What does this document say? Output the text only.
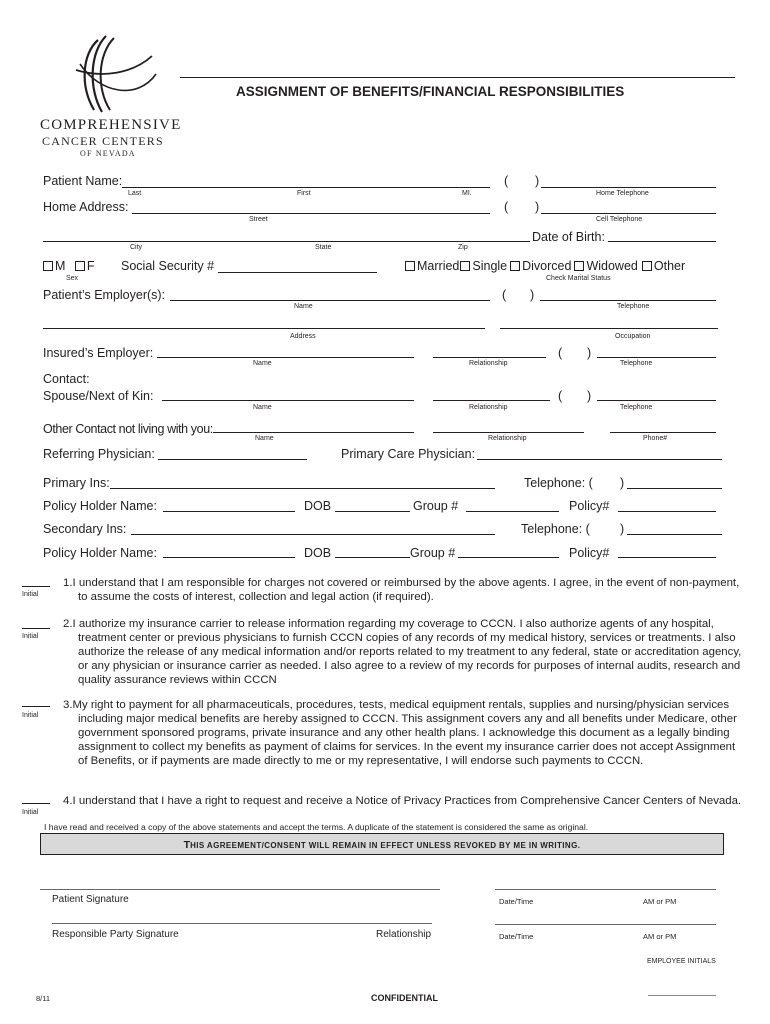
COMPREHENSIVE
CANCER CENTERS
OF NEVADA
ASSIGNMENT OF BENEFITS/FINANCIAL RESPONSIBILITIES
Patient Name:	( )
Last	First	MI.	Home Telephone
Home Address:	( )
Street	Cell Telephone
Date of Birth:
City	State	Zip
M F Social Security #	Married Single Divorced Widowed Other
Sex	Check Marital Status
Patient’s Employer(s):	( )
Name	Telephone
Address	Occupation
Insured’s Employer:	( )
Name	Relationship	Telephone
Contact:
Spouse/Next of Kin:	( )
Name	Relationship	Telephone
Other Contact not living with you:
Name	Relationship	Phone#
Referring Physician:	Primary Care Physician:
Primary Ins:	Telephone: ( )
Policy Holder Name:	DOB	Group #	Policy#
Secondary Ins:	Telephone: ( )
Policy Holder Name:	DOB	Group #	Policy#
Initial
1.I understand that I am responsible for charges not covered or reimbursed by the above agents. I agree, in the event of non-payment, to assume the costs of interest, collection and legal action (if required).
Initial
2.I authorize my insurance carrier to release information regarding my coverage to CCCN. I also authorize agents of any hospital, treatment center or previous physicians to furnish CCCN copies of any records of my medical history, services or treatments. I also authorize the release of any medical information and/or reports related to my treatment to any federal, state or accreditation agency, or any physician or insurance carrier as needed. I also agree to a review of my records for purposes of internal audits, research and quality assurance reviews within CCCN
Initial
3.My right to payment for all pharmaceuticals, procedures, tests, medical equipment rentals, supplies and nursing/physician services including major medical benefits are hereby assigned to CCCN. This assignment covers any and all benefits under Medicare, other government sponsored programs, private insurance and any other health plans. I acknowledge this document as a legally binding assignment to collect my benefits as payment of claims for services. In the event my insurance carrier does not accept Assignment of Benefits, or if payments are made directly to me or my representative, I will endorse such payments to CCCN.
Initial
4.I understand that I have a right to request and receive a Notice of Privacy Practices from Comprehensive Cancer Centers of Nevada.
I have read and received a copy of the above statements and accept the terms. A duplicate of the statement is considered the same as original.
THIS AGREEMENT/CONSENT WILL REMAIN IN EFFECT UNLESS REVOKED BY ME IN WRITING.
Patient Signature	Date/Time	AM or PM
Responsible Party Signature	Relationship	Date/Time	AM or PM
EMPLOYEE INITIALS
8/11	CONFIDENTIAL
